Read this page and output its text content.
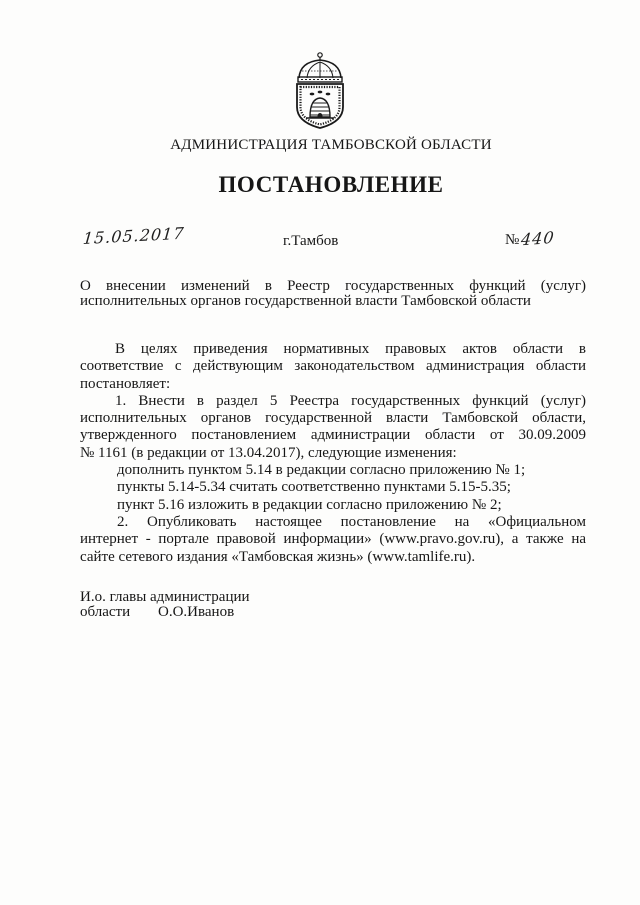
АДМИНИСТРАЦИЯ ТАМБОВСКОЙ ОБЛАСТИ
ПОСТАНОВЛЕНИЕ
15.05.2017	г.Тамбов	№440
О внесении изменений в Реестр государственных функций (услуг)
исполнительных органов государственной власти Тамбовской области
В целях приведения нормативных правовых актов области в
соответствие с действующим законодательством администрация области
постановляет:
1. Внести в раздел 5 Реестра государственных функций (услуг)
исполнительных органов государственной власти Тамбовской области,
утвержденного постановлением администрации области от 30.09.2009
№ 1161 (в редакции от 13.04.2017), следующие изменения:
дополнить пунктом 5.14 в редакции согласно приложению № 1;
пункты 5.14-5.34 считать соответственно пунктами 5.15-5.35;
пункт 5.16 изложить в редакции согласно приложению № 2;
2. Опубликовать настоящее постановление на «Официальном
интернет - портале правовой информации» (www.pravo.gov.ru), а также на
сайте сетевого издания «Тамбовская жизнь» (www.tamlife.ru).
И.о. главы администрации
области О.О.Иванов
